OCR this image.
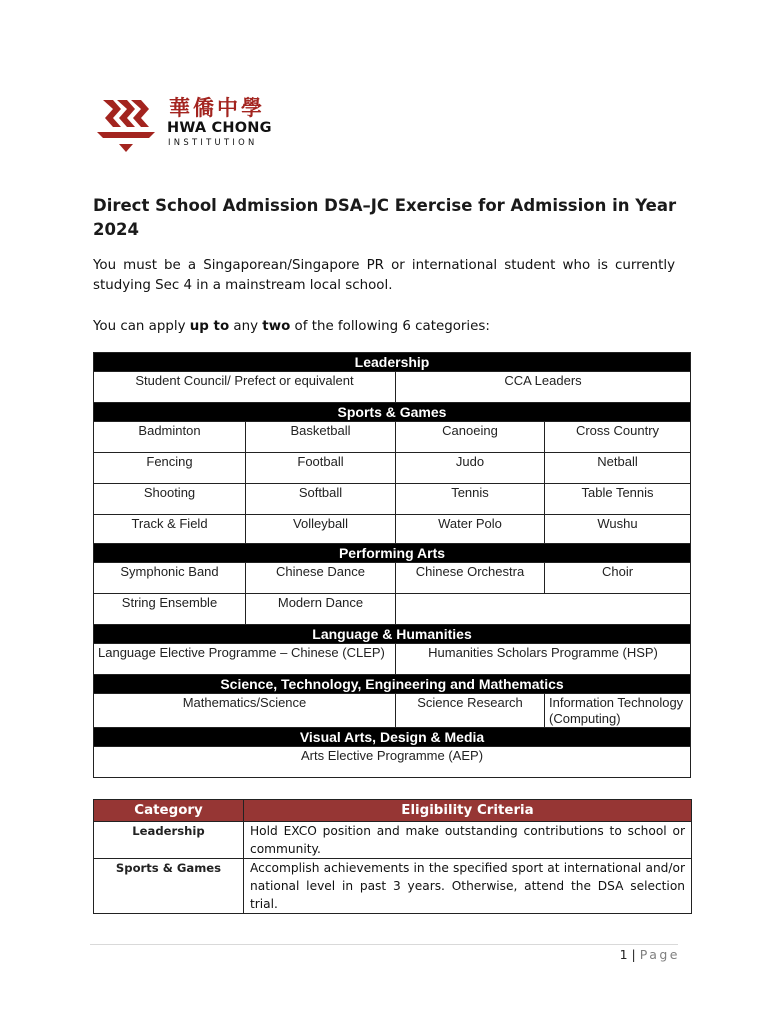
華僑中學
HWA CHONG
INSTITUTION
Direct School Admission DSA–JC Exercise for Admission in Year 2024

You must be a Singaporean/Singapore PR or international student who is currently studying Sec 4 in a mainstream local school.

You can apply up to any two of the following 6 categories:

Leadership			
Student Council/ Prefect or equivalent		CCA Leaders	
Sports & Games			
Badminton	Basketball	Canoeing	Cross Country
Fencing	Football	Judo	Netball
Shooting	Softball	Tennis	Table Tennis
Track & Field	Volleyball	Water Polo	Wushu
Performing Arts			
Symphonic Band	Chinese Dance	Chinese Orchestra	Choir
String Ensemble	Modern Dance		
Language & Humanities			
Language Elective Programme – Chinese (CLEP)		Humanities Scholars Programme (HSP)	
Science, Technology, Engineering and Mathematics			
Mathematics/Science		Science Research	Information Technology (Computing)
Visual Arts, Design & Media			
Arts Elective Programme (AEP)			
Category	Eligibility Criteria
Leadership	Hold EXCO position and make outstanding contributions to school or community.
Sports & Games	Accomplish achievements in the specified sport at international and/or national level in past 3 years. Otherwise, attend the DSA selection trial.
1 | Page
